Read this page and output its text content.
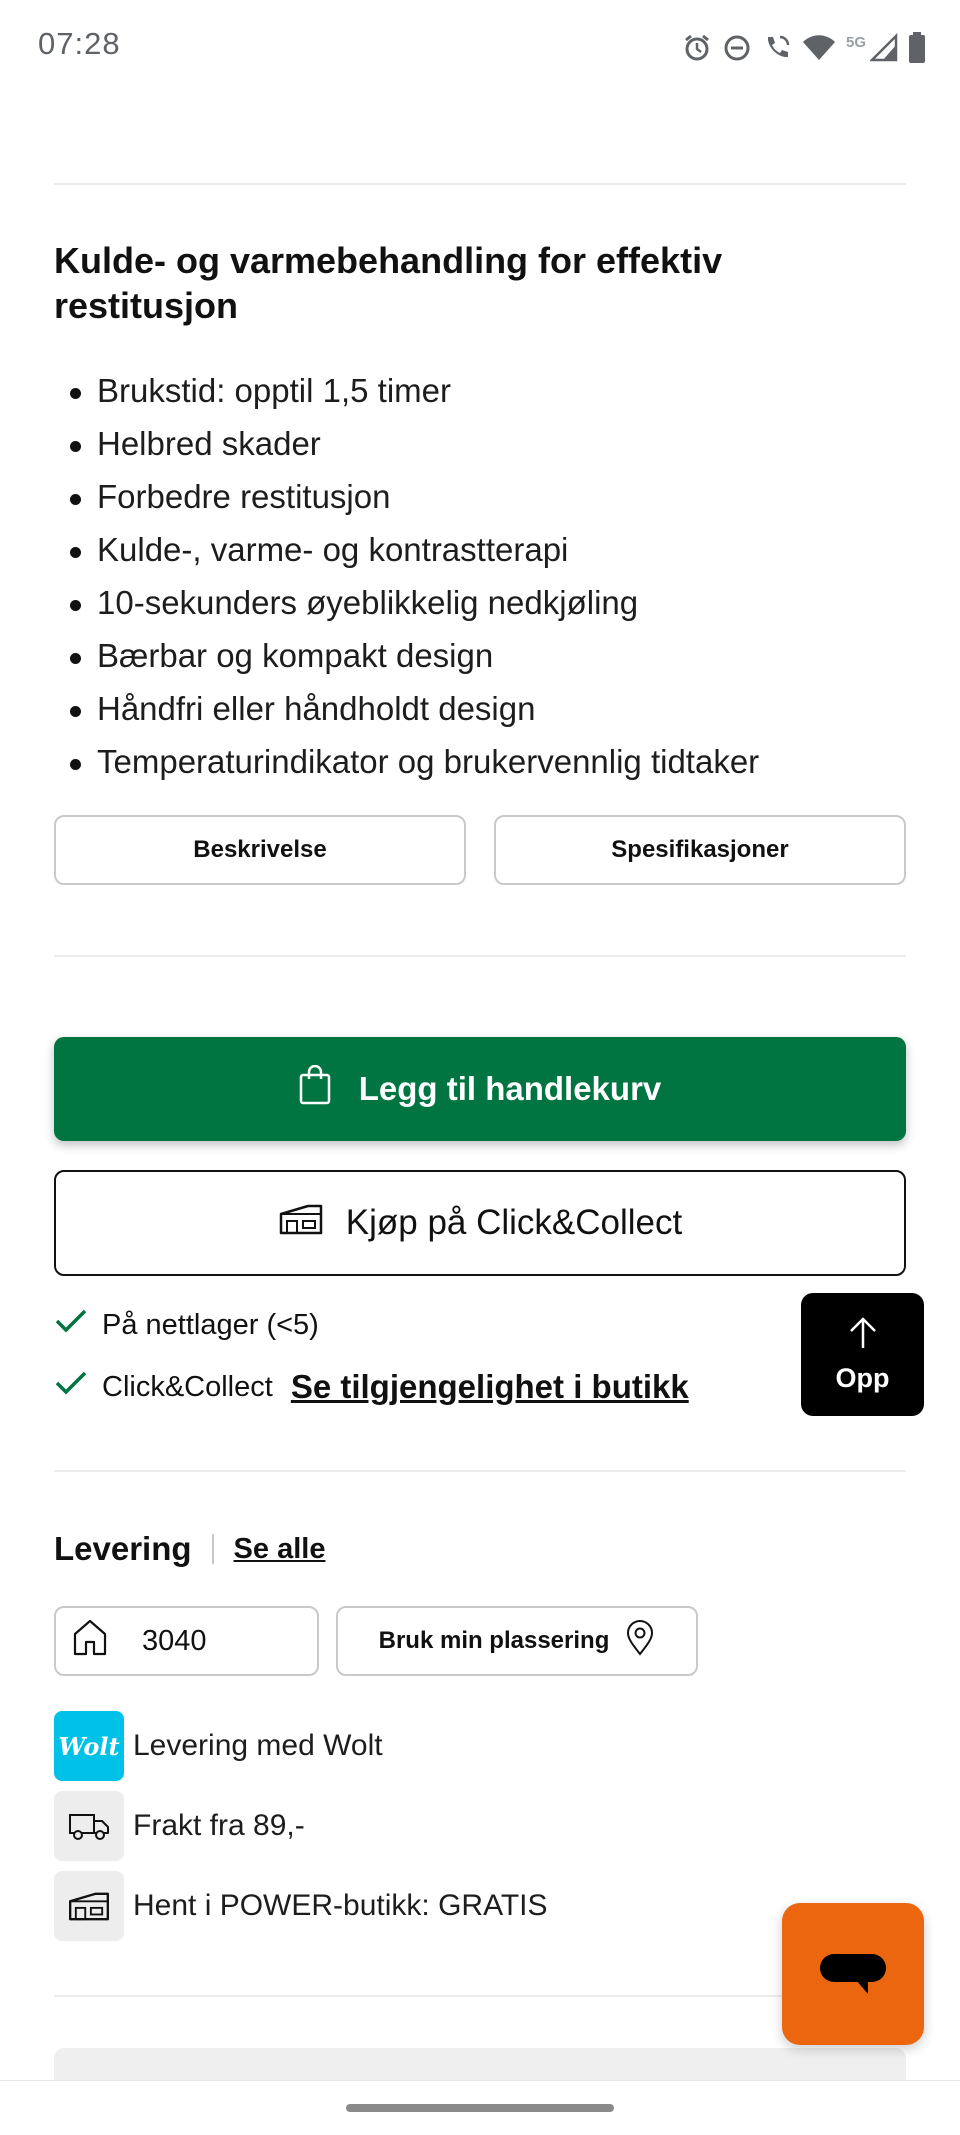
07:28	5G
Kulde- og varmebehandling for effektiv restitusjon
Brukstid: opptil 1,5 timer
Helbred skader
Forbedre restitusjon
Kulde-, varme- og kontrastterapi
10-sekunders øyeblikkelig nedkjøling
Bærbar og kompakt design
Håndfri eller håndholdt design
Temperaturindikator og brukervennlig tidtaker
Beskrivelse	Spesifikasjoner
Legg til handlekurv
Kjøp på Click&Collect
På nettlager (<5)
Click&Collect Se tilgjengelighet i butikk	Opp
Levering Se alle
3040	Bruk min plassering
Wolt Levering med Wolt
Frakt fra 89,-
Hent i POWER-butikk: GRATIS
